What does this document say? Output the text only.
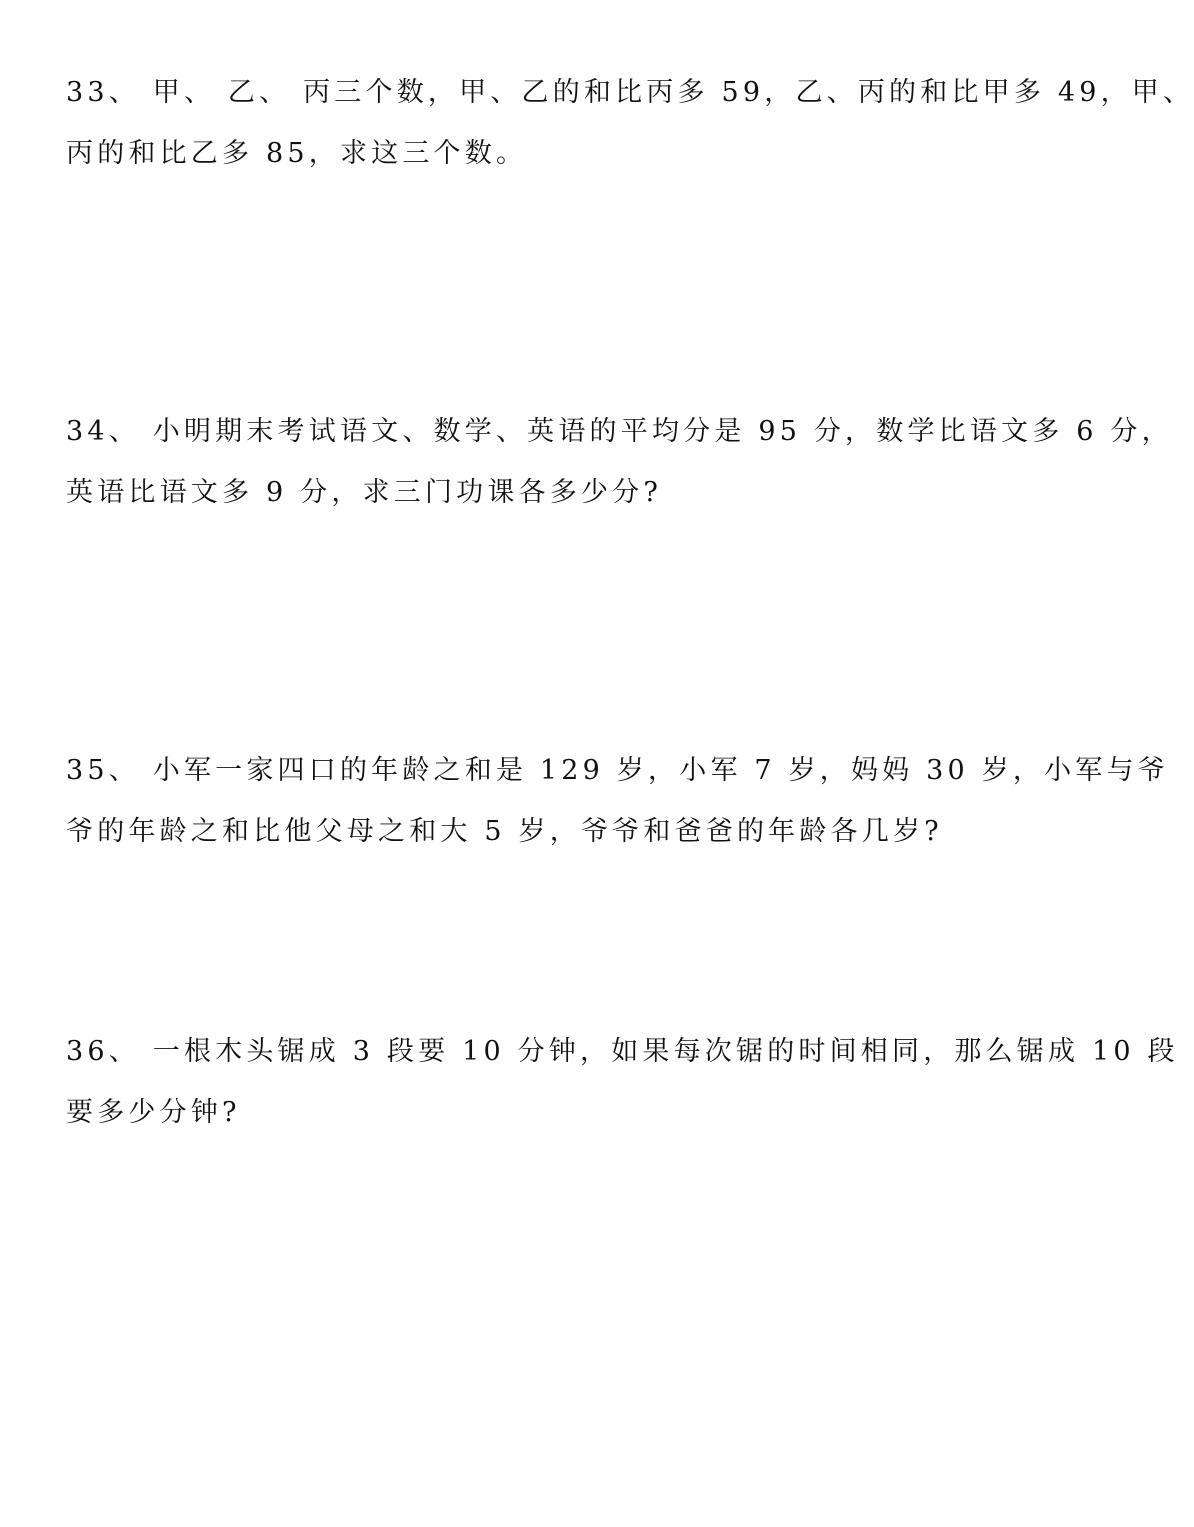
33、 甲、 乙、 丙三个数，甲、乙的和比丙多 59，乙、丙的和比甲多 49，甲、
丙的和比乙多 85，求这三个数。
34、 小明期末考试语文、数学、英语的平均分是 95 分，数学比语文多 6 分，
英语比语文多 9 分，求三门功课各多少分?
35、 小军一家四口的年龄之和是 129 岁，小军 7 岁，妈妈 30 岁，小军与爷
爷的年龄之和比他父母之和大 5 岁，爷爷和爸爸的年龄各几岁?
36、 一根木头锯成 3 段要 10 分钟，如果每次锯的时间相同，那么锯成 10 段
要多少分钟?
